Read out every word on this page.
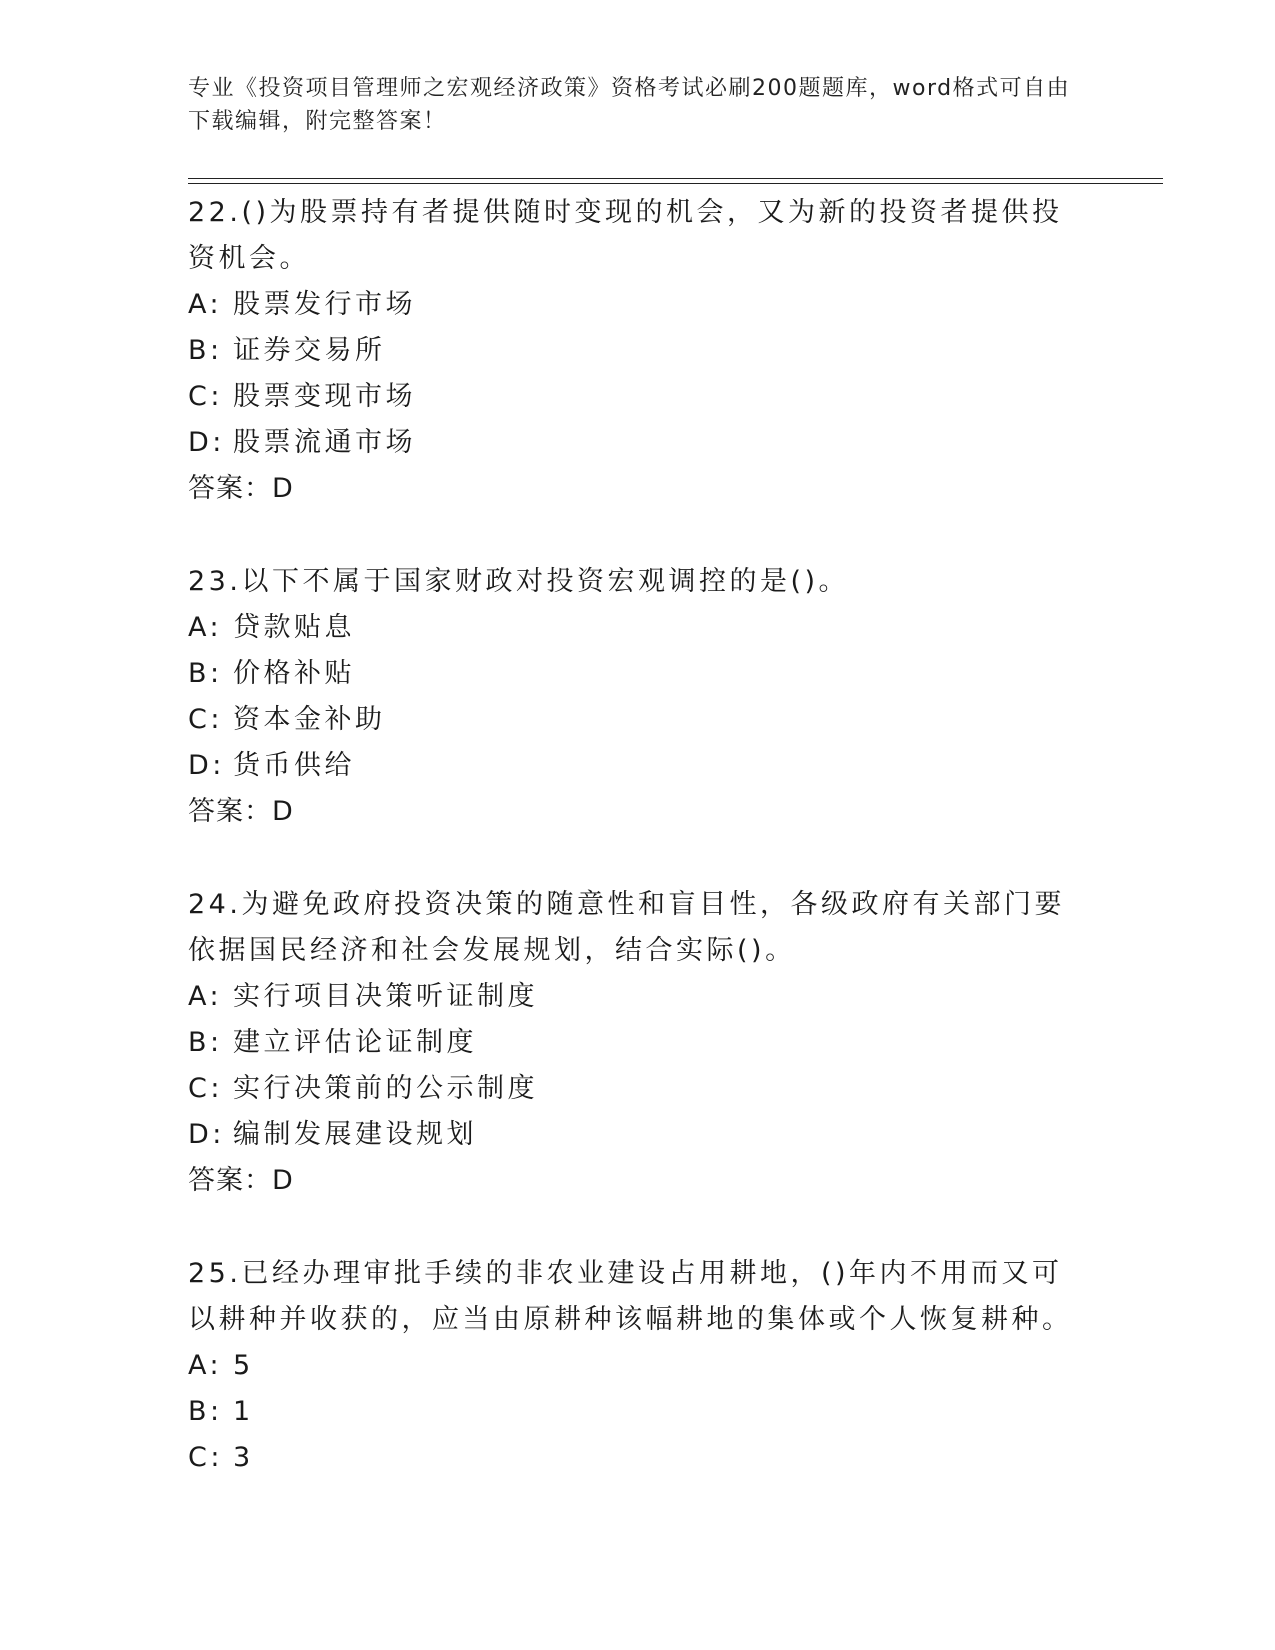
专业《投资项目管理师之宏观经济政策》资格考试必刷200题题库，word格式可自由下载编辑，附完整答案！

22.()为股票持有者提供随时变现的机会，又为新的投资者提供投资机会。

A: 股票发行市场
B: 证券交易所
C: 股票变现市场
D: 股票流通市场
答案：D

23.以下不属于国家财政对投资宏观调控的是()。

A: 贷款贴息
B: 价格补贴
C: 资本金补助
D: 货币供给
答案：D

24.为避免政府投资决策的随意性和盲目性，各级政府有关部门要依据国民经济和社会发展规划，结合实际()。

A: 实行项目决策听证制度
B: 建立评估论证制度
C: 实行决策前的公示制度
D: 编制发展建设规划
答案：D

25.已经办理审批手续的非农业建设占用耕地，()年内不用而又可以耕种并收获的，应当由原耕种该幅耕地的集体或个人恢复耕种。

A: 5
B: 1
C: 3
